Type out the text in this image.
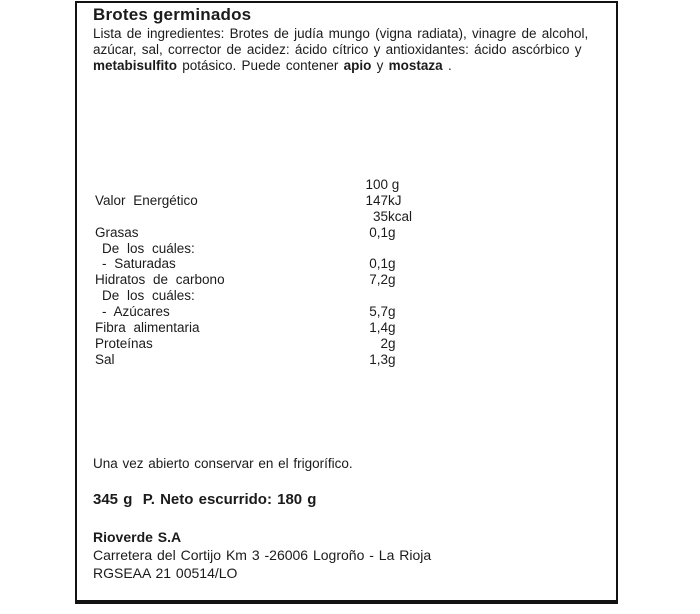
Brotes germinados

Lista de ingredientes: Brotes de judía mungo (vigna radiata), vinagre de alcohol, azúcar, sal, corrector de acidez: ácido cítrico y antioxidantes: ácido ascórbico y metabisulfito potásico. Puede contener apio y mostaza .

100 g
Valor Energético	147 kJ
35 kcal
Grasas	0,1 g
De los cuáles:
- Saturadas	0,1 g
Hidratos de carbono	7,2 g
De los cuáles:
- Azúcares	5,7 g
Fibra alimentaria	1,4 g
Proteínas	2 g
Sal	1,3 g

Una vez abierto conservar en el frigorífico.

345 g  P. Neto escurrido: 180 g

Rioverde S.A

Carretera del Cortijo Km 3 -26006 Logroño - La Rioja

RGSEAA 21 00514/LO
